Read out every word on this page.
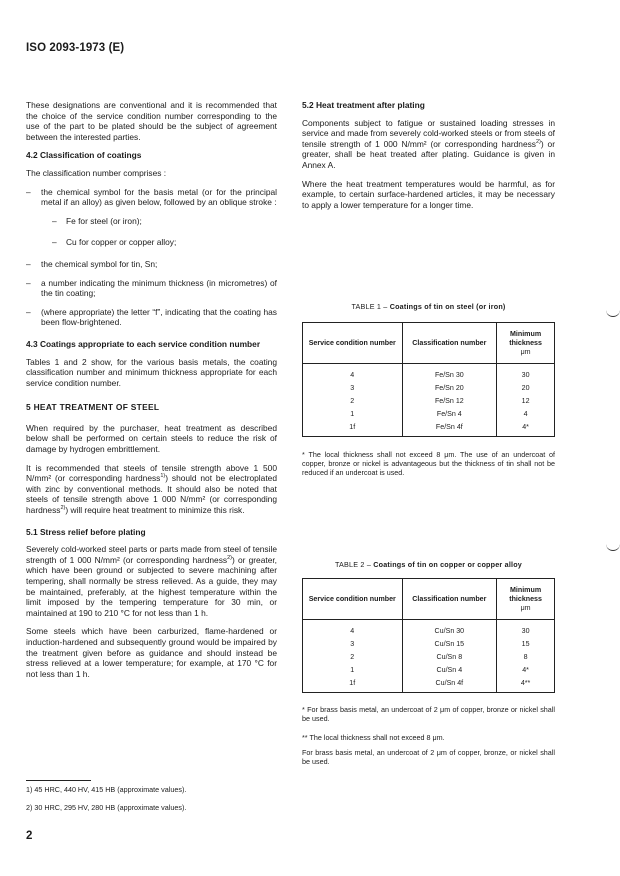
ISO 2093-1973 (E)

These designations are conventional and it is recommended that the choice of the service condition number corresponding to the use of the part to be plated should be the subject of agreement between the interested parties.

4.2 Classification of coatings

The classification number comprises :

–	the chemical symbol for the basis metal (or for the principal metal if an alloy) as given below, followed by an oblique stroke :
–	Fe for steel (or iron);
–	Cu for copper or copper alloy;
–	the chemical symbol for tin, Sn;
–	a number indicating the minimum thickness (in micrometres) of the tin coating;
–	(where appropriate) the letter “f”, indicating that the coating has been flow-brightened.
4.3 Coatings appropriate to each service condition number

Tables 1 and 2 show, for the various basis metals, the coating classification number and minimum thickness appropriate for each service condition number.

5 HEAT TREATMENT OF STEEL

When required by the purchaser, heat treatment as described below shall be performed on certain steels to reduce the risk of damage by hydrogen embrittlement.

It is recommended that steels of tensile strength above 1 500 N/mm² (or corresponding hardness$^{1)}$) should not be electroplated with zinc by conventional methods. It should also be noted that steels of tensile strength above 1 000 N/mm² (or corresponding hardness$^{2)}$) will require heat treatment to minimize this risk.

5.1 Stress relief before plating

Severely cold-worked steel parts or parts made from steel of tensile strength of 1 000 N/mm² (or corresponding hardness$^{2)}$) or greater, which have been ground or subjected to severe machining after tempering, shall normally be stress relieved. As a guide, they may be maintained, preferably, at the highest temperature within the limit imposed by the tempering temperature for 30 min, or maintained at 190 to 210 °C for not less than 1 h.

Some steels which have been carburized, flame-hardened or induction-hardened and subsequently ground would be impaired by the treatment given before as guidance and should instead be stress relieved at a lower temperature; for example, at 170 °C for not less than 1 h.

5.2 Heat treatment after plating

Components subject to fatigue or sustained loading stresses in service and made from severely cold-worked steels or from steels of tensile strength of 1 000 N/mm² (or corresponding hardness$^{2)}$) or greater, shall be heat treated after plating. Guidance is given in Annex A.

Where the heat treatment temperatures would be harmful, as for example, to certain surface-hardened articles, it may be necessary to apply a lower temperature for a longer time.

TABLE 1 – Coatings of tin on steel (or iron)
Service condition number	Classification number	Minimum thickness
μm

4	Fe/Sn 30	30
3	Fe/Sn 20	20
2	Fe/Sn 12	12
1	Fe/Sn 4	4
1f	Fe/Sn 4f	4*
* The local thickness shall not exceed 8 μm. The use of an undercoat of copper, bronze or nickel is advantageous but the thickness of tin shall not be reduced if an undercoat is used.
TABLE 2 – Coatings of tin on copper or copper alloy
Service condition number	Classification number	Minimum thickness
μm

4	Cu/Sn 30	30
3	Cu/Sn 15	15
2	Cu/Sn 8	8
1	Cu/Sn 4	4*
1f	Cu/Sn 4f	4**
* For brass basis metal, an undercoat of 2 μm of copper, bronze or nickel shall be used.
** The local thickness shall not exceed 8 μm.
For brass basis metal, an undercoat of 2 μm of copper, bronze, or nickel shall be used.
1) 45 HRC, 440 HV, 415 HB (approximate values).
2) 30 HRC, 295 HV, 280 HB (approximate values).
2
